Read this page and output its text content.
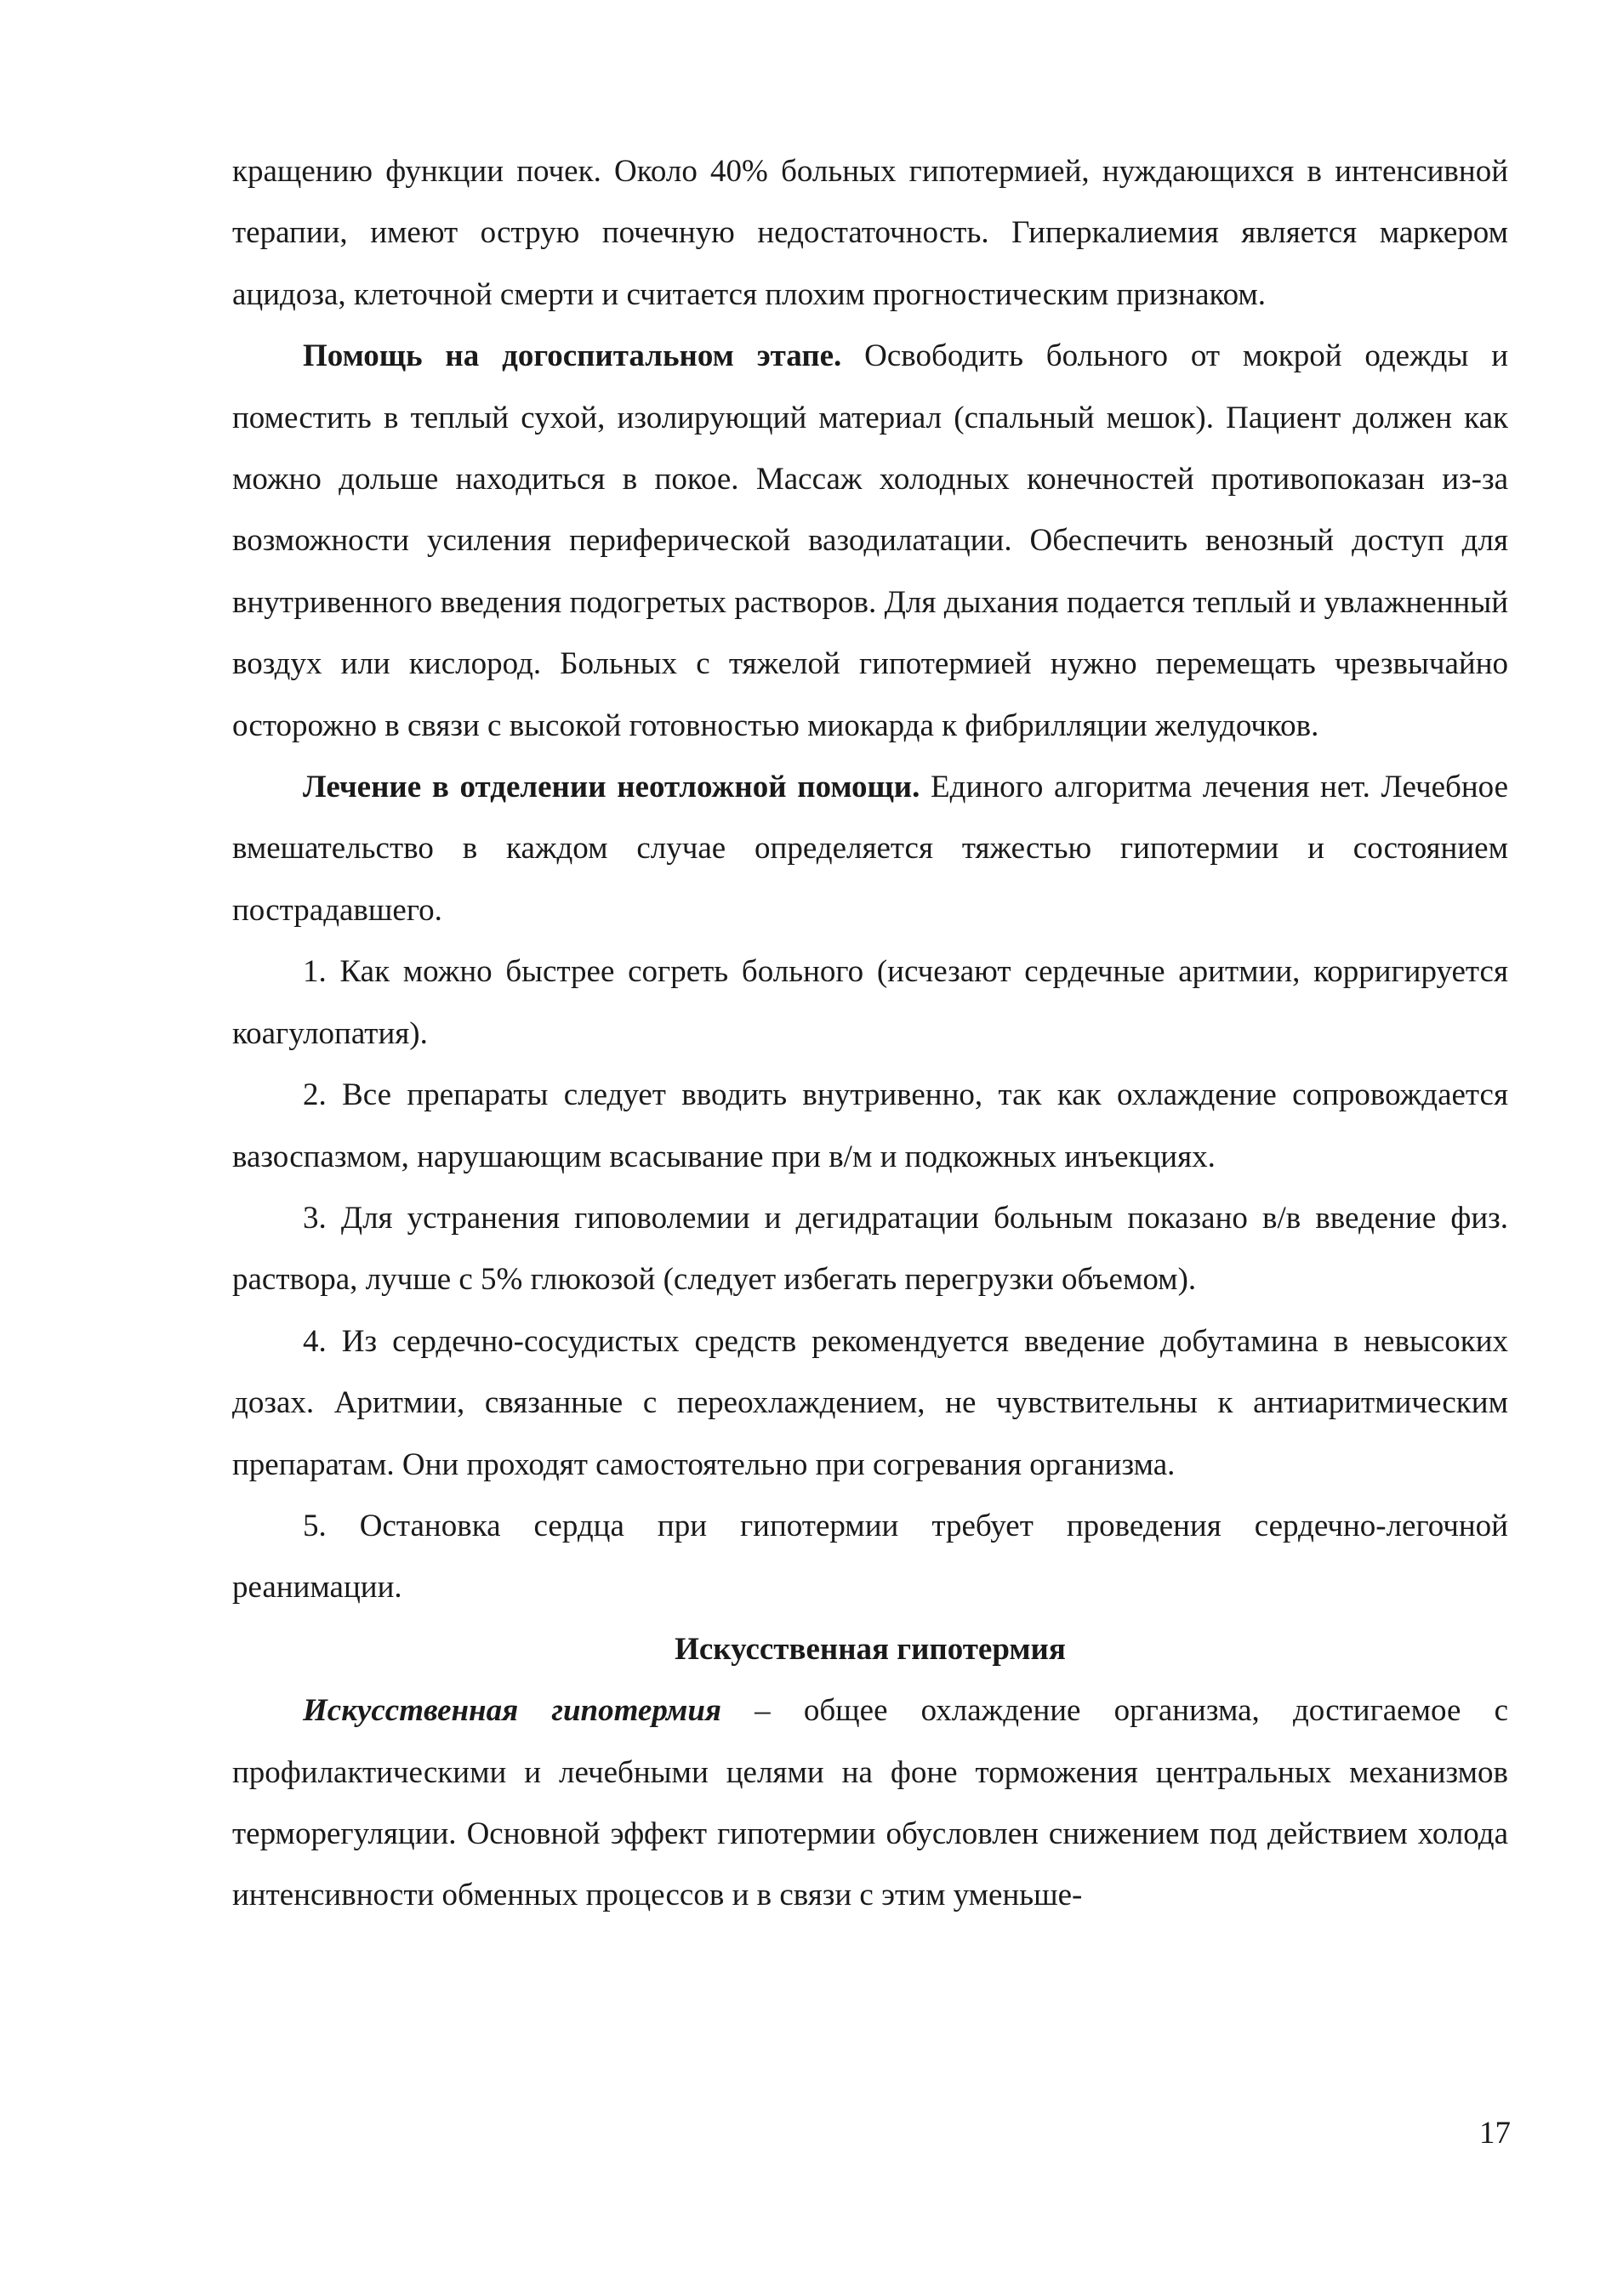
кращению функции почек. Около 40% больных гипотермией, нуждающихся в интенсивной терапии, имеют острую почечную недостаточность. Гиперкалиемия является маркером ацидоза, клеточной смерти и считается плохим прогностическим признаком.

Помощь на догоспитальном этапе. Освободить больного от мокрой одежды и поместить в теплый сухой, изолирующий материал (спальный мешок). Пациент должен как можно дольше находиться в покое. Массаж холодных конечностей противопоказан из-за возможности усиления периферической вазодилатации. Обеспечить венозный доступ для внутривенного введения подогретых растворов. Для дыхания подается теплый и увлажненный воздух или кислород. Больных с тяжелой гипотермией нужно перемещать чрезвычайно осторожно в связи с высокой готовностью миокарда к фибрилляции желудочков.

Лечение в отделении неотложной помощи. Единого алгоритма лечения нет. Лечебное вмешательство в каждом случае определяется тяжестью гипотермии и состоянием пострадавшего.

1. Как можно быстрее согреть больного (исчезают сердечные аритмии, корригируется коагулопатия).

2. Все препараты следует вводить внутривенно, так как охлаждение сопровождается вазоспазмом, нарушающим всасывание при в/м и подкожных инъекциях.

3. Для устранения гиповолемии и дегидратации больным показано в/в введение физ. раствора, лучше с 5% глюкозой (следует избегать перегрузки объемом).

4. Из сердечно-сосудистых средств рекомендуется введение добутамина в невысоких дозах. Аритмии, связанные с переохлаждением, не чувствительны к антиаритмическим препаратам. Они проходят самостоятельно при согревания организма.

5. Остановка сердца при гипотермии требует проведения сердечно-легочной реанимации.

Искусственная гипотермия

Искусственная гипотермия – общее охлаждение организма, достигаемое с профилактическими и лечебными целями на фоне торможения центральных механизмов терморегуляции. Основной эффект гипотермии обусловлен снижением под действием холода интенсивности обменных процессов и в связи с этим уменьше-

17
